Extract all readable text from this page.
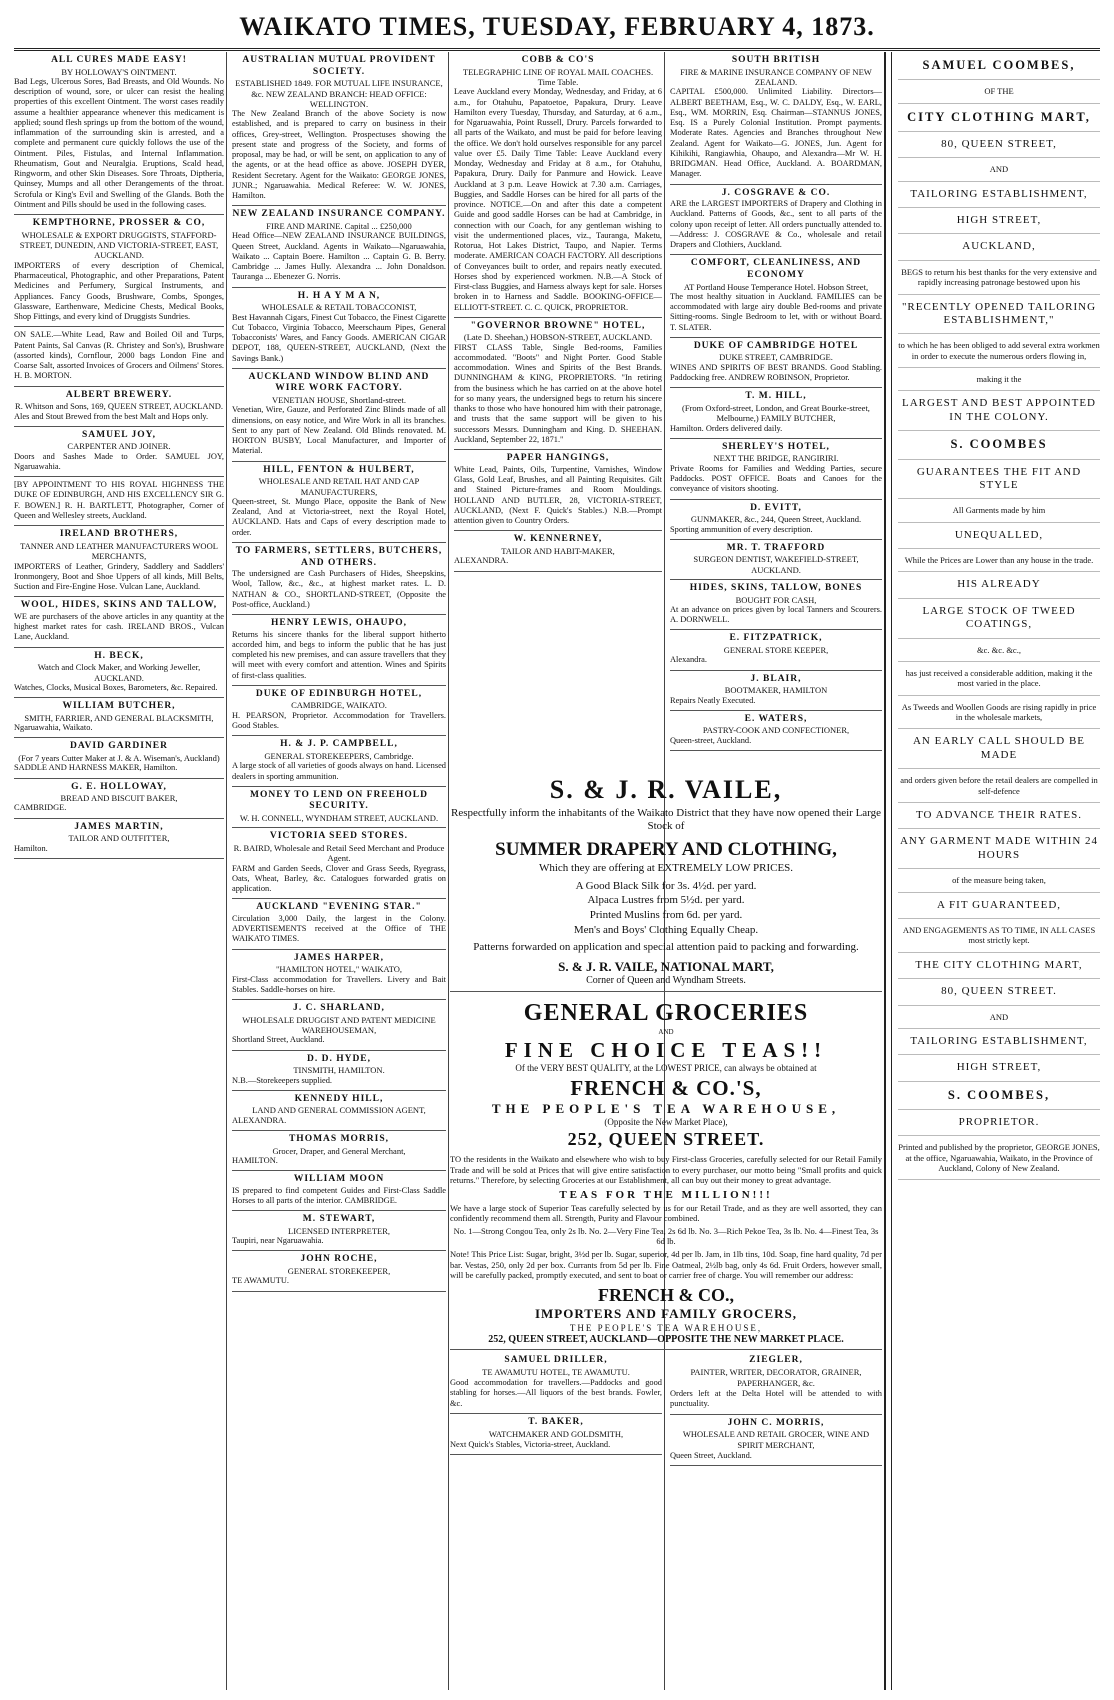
WAIKATO TIMES, TUESDAY, FEBRUARY 4, 1873.
ALL CURES MADE EASY!
BY HOLLOWAY'S OINTMENT.
Bad Legs, Ulcerous Sores, Bad Breasts, and Old Wounds. No description of wound, sore, or ulcer can resist the healing properties of this excellent Ointment. The worst cases readily assume a healthier appearance whenever this medicament is applied; sound flesh springs up from the bottom of the wound, inflammation of the surrounding skin is arrested, and a complete and permanent cure quickly follows the use of the Ointment. Piles, Fistulas, and Internal Inflammation. Rheumatism, Gout and Neuralgia. Eruptions, Scald head, Ringworm, and other Skin Diseases. Sore Throats, Diptheria, Quinsey, Mumps and all other Derangements of the throat. Scrofula or King's Evil and Swelling of the Glands. Both the Ointment and Pills should be used in the following cases.
KEMPTHORNE, PROSSER & CO,
WHOLESALE & EXPORT DRUGGISTS, STAFFORD-STREET, DUNEDIN, AND VICTORIA-STREET, EAST, AUCKLAND.
IMPORTERS of every description of Chemical, Pharmaceutical, Photographic, and other Preparations, Patent Medicines and Perfumery, Surgical Instruments, and Appliances. Fancy Goods, Brushware, Combs, Sponges, Glassware, Earthenware, Medicine Chests, Medical Books, Shop Fittings, and every kind of Druggists Sundries.
ON SALE.—White Lead, Raw and Boiled Oil and Turps, Patent Paints, Sal Canvas (R. Christey and Son's), Brushware (assorted kinds), Cornflour, 2000 bags London Fine and Coarse Salt, assorted Invoices of Grocers and Oilmens' Stores. H. B. MORTON.
ALBERT BREWERY.
R. Whitson and Sons, 169, QUEEN STREET, AUCKLAND.
Ales and Stout Brewed from the best Malt and Hops only.
SAMUEL JOY,
CARPENTER AND JOINER.
Doors and Sashes Made to Order. SAMUEL JOY, Ngaruawahia.
[BY APPOINTMENT TO HIS ROYAL HIGHNESS THE DUKE OF EDINBURGH, AND HIS EXCELLENCY SIR G. F. BOWEN.] R. H. BARTLETT, Photographer, Corner of Queen and Wellesley streets, Auckland.
IRELAND BROTHERS,
TANNER AND LEATHER MANUFACTURERS WOOL MERCHANTS,
IMPORTERS of Leather, Grindery, Saddlery and Saddlers' Ironmongery, Boot and Shoe Uppers of all kinds, Mill Belts, Suction and Fire-Engine Hose. Vulcan Lane, Auckland.
WOOL, HIDES, SKINS AND TALLOW,
WE are purchasers of the above articles in any quantity at the highest market rates for cash. IRELAND BROS., Vulcan Lane, Auckland.
H. BECK,
Watch and Clock Maker, and Working Jeweller, AUCKLAND.
Watches, Clocks, Musical Boxes, Barometers, &c. Repaired.
WILLIAM BUTCHER,
SMITH, FARRIER, AND GENERAL BLACKSMITH,
Ngaruawahia, Waikato.
DAVID GARDINER
(For 7 years Cutter Maker at J. & A. Wiseman's, Auckland)
SADDLE AND HARNESS MAKER, Hamilton.
G. E. HOLLOWAY,
BREAD AND BISCUIT BAKER,
CAMBRIDGE.
JAMES MARTIN,
TAILOR AND OUTFITTER,
Hamilton.
AUSTRALIAN MUTUAL PROVIDENT SOCIETY.
ESTABLISHED 1849. FOR MUTUAL LIFE INSURANCE, &c. NEW ZEALAND BRANCH: HEAD OFFICE: WELLINGTON.
The New Zealand Branch of the above Society is now established, and is prepared to carry on business in their offices, Grey-street, Wellington. Prospectuses showing the present state and progress of the Society, and forms of proposal, may be had, or will be sent, on application to any of the agents, or at the head office as above. JOSEPH DYER, Resident Secretary. Agent for the Waikato: GEORGE JONES, JUNR.; Ngaruawahia. Medical Referee: W. W. JONES, Hamilton.
NEW ZEALAND INSURANCE COMPANY.
FIRE AND MARINE. Capital ... £250,000
Head Office—NEW ZEALAND INSURANCE BUILDINGS, Queen Street, Auckland. Agents in Waikato—Ngaruawahia, Waikato ... Captain Boere. Hamilton ... Captain G. B. Berry. Cambridge ... James Hully. Alexandra ... John Donaldson. Tauranga ... Ebenezer G. Norris.
H. H A Y M A N,
WHOLESALE & RETAIL TOBACCONIST,
Best Havannah Cigars, Finest Cut Tobacco, the Finest Cigarette Cut Tobacco, Virginia Tobacco, Meerschaum Pipes, General Tobacconists' Wares, and Fancy Goods. AMERICAN CIGAR DEPOT, 188, QUEEN-STREET, AUCKLAND, (Next the Savings Bank.)
AUCKLAND WINDOW BLIND AND WIRE WORK FACTORY.
VENETIAN HOUSE, Shortland-street.
Venetian, Wire, Gauze, and Perforated Zinc Blinds made of all dimensions, on easy notice, and Wire Work in all its branches. Sent to any part of New Zealand. Old Blinds renovated. M. HORTON BUSBY, Local Manufacturer, and Importer of Material.
HILL, FENTON & HULBERT,
WHOLESALE AND RETAIL HAT AND CAP MANUFACTURERS,
Queen-street, St. Mungo Place, opposite the Bank of New Zealand, And at Victoria-street, next the Royal Hotel, AUCKLAND. Hats and Caps of every description made to order.
TO FARMERS, SETTLERS, BUTCHERS, AND OTHERS.
The undersigned are Cash Purchasers of Hides, Sheepskins, Wool, Tallow, &c., &c., at highest market rates. L. D. NATHAN & CO., SHORTLAND-STREET, (Opposite the Post-office, Auckland.)
HENRY LEWIS, OHAUPO,
Returns his sincere thanks for the liberal support hitherto accorded him, and begs to inform the public that he has just completed his new premises, and can assure travellers that they will meet with every comfort and attention. Wines and Spirits of first-class qualities.
DUKE OF EDINBURGH HOTEL,
CAMBRIDGE, WAIKATO.
H. PEARSON, Proprietor. Accommodation for Travellers. Good Stables.
H. & J. P. CAMPBELL,
GENERAL STOREKEEPERS, Cambridge.
A large stock of all varieties of goods always on hand. Licensed dealers in sporting ammunition.
MONEY TO LEND ON FREEHOLD SECURITY.
W. H. CONNELL, WYNDHAM STREET, AUCKLAND.
VICTORIA SEED STORES.
R. BAIRD, Wholesale and Retail Seed Merchant and Produce Agent.
FARM and Garden Seeds, Clover and Grass Seeds, Ryegrass, Oats, Wheat, Barley, &c. Catalogues forwarded gratis on application.
AUCKLAND "EVENING STAR."
Circulation 3,000 Daily, the largest in the Colony. ADVERTISEMENTS received at the Office of THE WAIKATO TIMES.
JAMES HARPER,
"HAMILTON HOTEL," WAIKATO,
First-Class accommodation for Travellers. Livery and Bait Stables. Saddle-horses on hire.
J. C. SHARLAND,
WHOLESALE DRUGGIST AND PATENT MEDICINE WAREHOUSEMAN,
Shortland Street, Auckland.
D. D. HYDE,
TINSMITH, HAMILTON.
N.B.—Storekeepers supplied.
KENNEDY HILL,
LAND AND GENERAL COMMISSION AGENT,
ALEXANDRA.
THOMAS MORRIS,
Grocer, Draper, and General Merchant,
HAMILTON.
WILLIAM MOON
IS prepared to find competent Guides and First-Class Saddle Horses to all parts of the interior. CAMBRIDGE.
M. STEWART,
LICENSED INTERPRETER,
Taupiri, near Ngaruawahia.
JOHN ROCHE,
GENERAL STOREKEEPER,
TE AWAMUTU.
COBB & CO'S
TELEGRAPHIC LINE OF ROYAL MAIL COACHES. Time Table.
Leave Auckland every Monday, Wednesday, and Friday, at 6 a.m., for Otahuhu, Papatoetoe, Papakura, Drury. Leave Hamilton every Tuesday, Thursday, and Saturday, at 6 a.m., for Ngaruawahia, Point Russell, Drury. Parcels forwarded to all parts of the Waikato, and must be paid for before leaving the office. We don't hold ourselves responsible for any parcel value over £5. Daily Time Table: Leave Auckland every Monday, Wednesday and Friday at 8 a.m., for Otahuhu, Papakura, Drury. Daily for Panmure and Howick. Leave Auckland at 3 p.m. Leave Howick at 7.30 a.m. Carriages, Buggies, and Saddle Horses can be hired for all parts of the province. NOTICE.—On and after this date a competent Guide and good saddle Horses can be had at Cambridge, in connection with our Coach, for any gentleman wishing to visit the undermentioned places, viz., Tauranga, Maketu, Rotorua, Hot Lakes District, Taupo, and Napier. Terms moderate. AMERICAN COACH FACTORY. All descriptions of Conveyances built to order, and repairs neatly executed. Horses shod by experienced workmen. N.B.—A Stock of First-class Buggies, and Harness always kept for sale. Horses broken in to Harness and Saddle. BOOKING-OFFICE—ELLIOTT-STREET. C. C. QUICK, PROPRIETOR.
"GOVERNOR BROWNE" HOTEL,
(Late D. Sheehan,) HOBSON-STREET, AUCKLAND.
FIRST CLASS Table, Single Bed-rooms, Families accommodated. "Boots" and Night Porter. Good Stable accommodation. Wines and Spirits of the Best Brands. DUNNINGHAM & KING, PROPRIETORS. "In retiring from the business which he has carried on at the above hotel for so many years, the undersigned begs to return his sincere thanks to those who have honoured him with their patronage, and trusts that the same support will be given to his successors Messrs. Dunningham and King. D. SHEEHAN. Auckland, September 22, 1871."
PAPER HANGINGS,
White Lead, Paints, Oils, Turpentine, Varnishes, Window Glass, Gold Leaf, Brushes, and all Painting Requisites. Gilt and Stained Picture-frames and Room Mouldings. HOLLAND AND BUTLER, 28, VICTORIA-STREET, AUCKLAND, (Next F. Quick's Stables.) N.B.—Prompt attention given to Country Orders.
W. KENNERNEY,
TAILOR AND HABIT-MAKER,
ALEXANDRA.
SOUTH BRITISH
FIRE & MARINE INSURANCE COMPANY OF NEW ZEALAND.
CAPITAL £500,000. Unlimited Liability. Directors—ALBERT BEETHAM, Esq., W. C. DALDY, Esq., W. EARL, Esq., WM. MORRIN, Esq. Chairman—STANNUS JONES, Esq. IS a Purely Colonial Institution. Prompt payments. Moderate Rates. Agencies and Branches throughout New Zealand. Agent for Waikato—G. JONES, Jun. Agent for Kihikihi, Rangiawhia, Ohaupo, and Alexandra—Mr W. H. BRIDGMAN. Head Office, Auckland. A. BOARDMAN, Manager.
J. COSGRAVE & CO.
ARE the LARGEST IMPORTERS of Drapery and Clothing in Auckland. Patterns of Goods, &c., sent to all parts of the colony upon receipt of letter. All orders punctually attended to.—Address: J. COSGRAVE & Co., wholesale and retail Drapers and Clothiers, Auckland.
COMFORT, CLEANLINESS, AND ECONOMY
AT Portland House Temperance Hotel. Hobson Street,
The most healthy situation in Auckland. FAMILIES can be accommodated with large airy double Bed-rooms and private Sitting-rooms. Single Bedroom to let, with or without Board. T. SLATER.
DUKE OF CAMBRIDGE HOTEL
DUKE STREET, CAMBRIDGE.
WINES AND SPIRITS OF BEST BRANDS. Good Stabling. Paddocking free. ANDREW ROBINSON, Proprietor.
T. M. HILL,
(From Oxford-street, London, and Great Bourke-street, Melbourne,) FAMILY BUTCHER,
Hamilton. Orders delivered daily.
SHERLEY'S HOTEL,
NEXT THE BRIDGE, RANGIRIRI.
Private Rooms for Families and Wedding Parties, secure Paddocks. POST OFFICE. Boats and Canoes for the conveyance of visitors shooting.
D. EVITT,
GUNMAKER, &c., 244, Queen Street, Auckland.
Sporting ammunition of every description.
MR. T. TRAFFORD
SURGEON DENTIST, WAKEFIELD-STREET, AUCKLAND.
HIDES, SKINS, TALLOW, BONES
BOUGHT FOR CASH,
At an advance on prices given by local Tanners and Scourers. A. DORNWELL.
E. FITZPATRICK,
GENERAL STORE KEEPER,
Alexandra.
J. BLAIR,
BOOTMAKER, HAMILTON
Repairs Neatly Executed.
E. WATERS,
PASTRY-COOK AND CONFECTIONER,
Queen-street, Auckland.
S. & J. R. VAILE,
Respectfully inform the inhabitants of the Waikato District that they have now opened their Large Stock of
SUMMER DRAPERY AND CLOTHING,
Which they are offering at EXTREMELY LOW PRICES.
A Good Black Silk for 3s. 4½d. per yard.
Alpaca Lustres from 5½d. per yard.
Printed Muslins from 6d. per yard.
Men's and Boys' Clothing Equally Cheap.
Patterns forwarded on application and special attention paid to packing and forwarding.
S. & J. R. VAILE, NATIONAL MART,
Corner of Queen and Wyndham Streets.
GENERAL GROCERIES
AND
FINE CHOICE TEAS!!
Of the VERY BEST QUALITY, at the LOWEST PRICE, can always be obtained at
FRENCH & CO.'S,
THE PEOPLE'S TEA WAREHOUSE,
(Opposite the New Market Place),
252, QUEEN STREET.
TO the residents in the Waikato and elsewhere who wish to buy First-class Groceries, carefully selected for our Retail Family Trade and will be sold at Prices that will give entire satisfaction to every purchaser, our motto being "Small profits and quick returns." Therefore, by selecting Groceries at our Establishment, all can buy out their money to great advantage.
TEAS FOR THE MILLION!!!
We have a large stock of Superior Teas carefully selected by us for our Retail Trade, and as they are well assorted, they can confidently recommend them all. Strength, Purity and Flavour combined.
No. 1—Strong Congou Tea, only 2s lb. No. 2—Very Fine Tea, 2s 6d lb. No. 3—Rich Pekoe Tea, 3s lb. No. 4—Finest Tea, 3s 6d lb.
Note! This Price List: Sugar, bright, 3½d per lb. Sugar, superior, 4d per lb. Jam, in 1lb tins, 10d. Soap, fine hard quality, 7d per bar. Vestas, 250, only 2d per box. Currants from 5d per lb. Fine Oatmeal, 2½lb bag, only 4s 6d. Fruit Orders, however small, will be carefully packed, promptly executed, and sent to boat or carrier free of charge. You will remember our address:
FRENCH & CO.,
IMPORTERS AND FAMILY GROCERS,
THE PEOPLE'S TEA WAREHOUSE,
252, QUEEN STREET, AUCKLAND—OPPOSITE THE NEW MARKET PLACE.
SAMUEL DRILLER,
TE AWAMUTU HOTEL, TE AWAMUTU.
Good accommodation for travellers.—Paddocks and good stabling for horses.—All liquors of the best brands. Fowler, &c.
T. BAKER,
WATCHMAKER AND GOLDSMITH,
Next Quick's Stables, Victoria-street, Auckland.
ZIEGLER,
PAINTER, WRITER, DECORATOR, GRAINER, PAPERHANGER, &c.
Orders left at the Delta Hotel will be attended to with punctuality.
JOHN C. MORRIS,
WHOLESALE AND RETAIL GROCER, WINE AND SPIRIT MERCHANT,
Queen Street, Auckland.
SAMUEL COOMBES,
OF THE
CITY CLOTHING MART,
80, QUEEN STREET,
AND
TAILORING ESTABLISHMENT,
HIGH STREET,
AUCKLAND,
BEGS to return his best thanks for the very extensive and rapidly increasing patronage bestowed upon his
"RECENTLY OPENED TAILORING ESTABLISHMENT,"
to which he has been obliged to add several extra workmen in order to execute the numerous orders flowing in,
making it the
LARGEST AND BEST APPOINTED IN THE COLONY.
S. COOMBES
GUARANTEES THE FIT AND STYLE
All Garments made by him
UNEQUALLED,
While the Prices are Lower than any house in the trade.
HIS ALREADY
LARGE STOCK OF TWEED COATINGS,
&c. &c. &c.,
has just received a considerable addition, making it the most varied in the place.
As Tweeds and Woollen Goods are rising rapidly in price in the wholesale markets,
AN EARLY CALL SHOULD BE MADE
and orders given before the retail dealers are compelled in self-defence
TO ADVANCE THEIR RATES.
ANY GARMENT MADE WITHIN 24 HOURS
of the measure being taken,
A FIT GUARANTEED,
AND ENGAGEMENTS AS TO TIME, IN ALL CASES most strictly kept.
THE CITY CLOTHING MART,
80, QUEEN STREET.
AND
TAILORING ESTABLISHMENT,
HIGH STREET,
S. COOMBES,
PROPRIETOR.
Printed and published by the proprietor, GEORGE JONES, at the office, Ngaruawahia, Waikato, in the Province of Auckland, Colony of New Zealand.
